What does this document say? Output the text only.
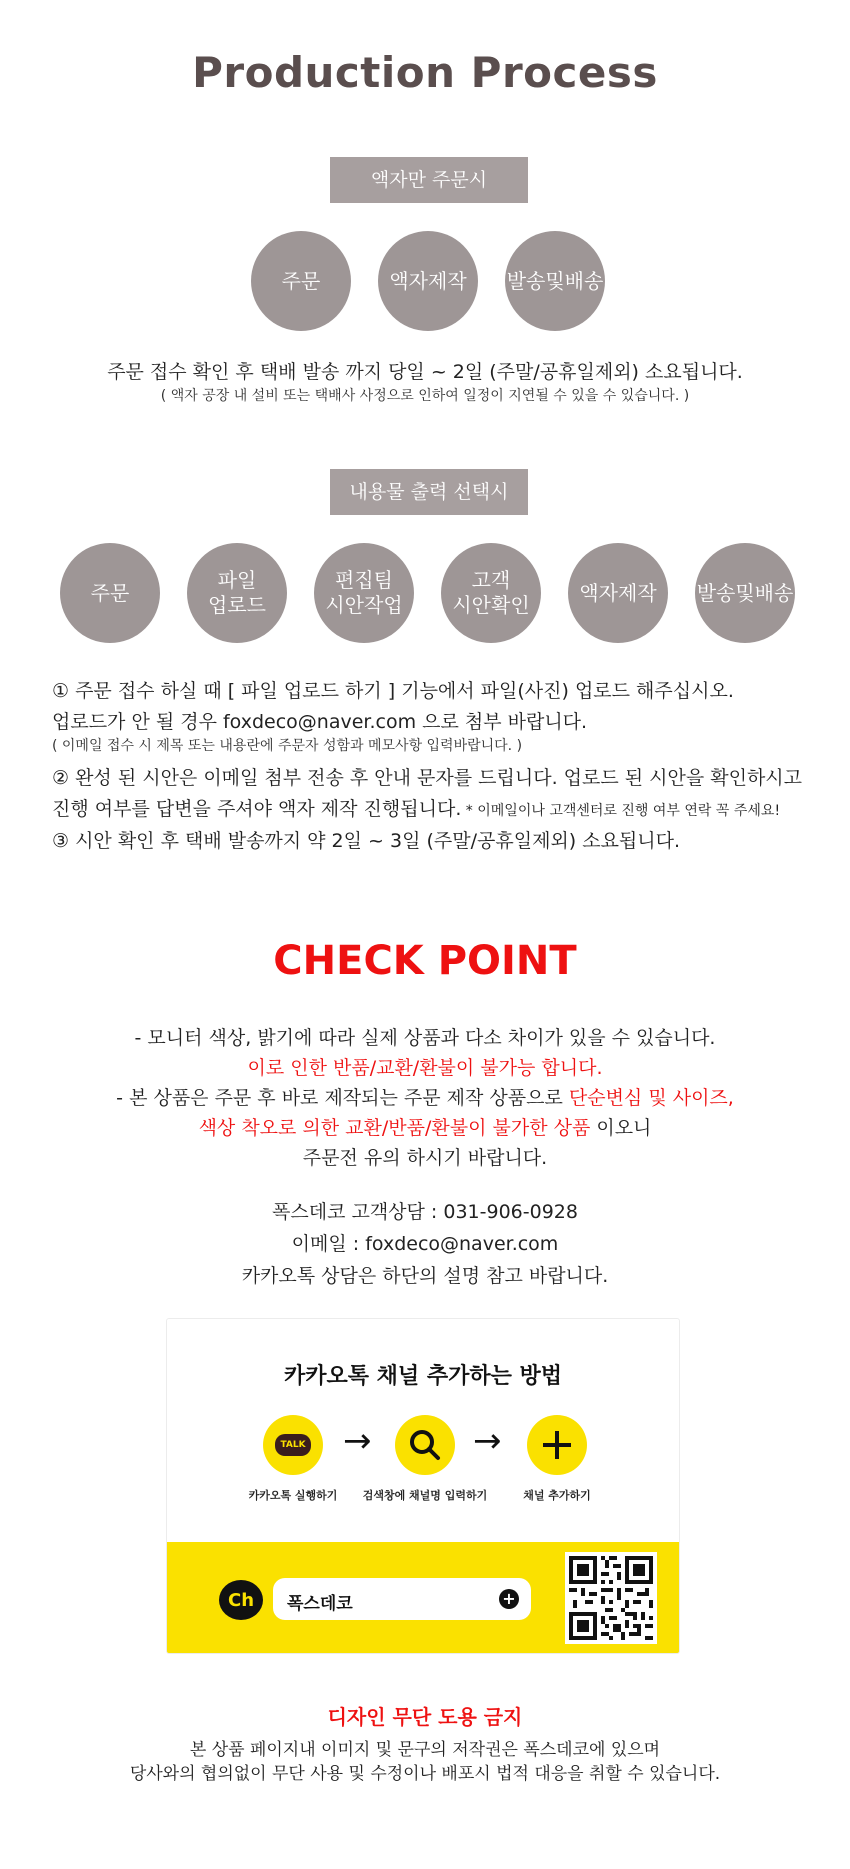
Production Process
액자만 주문시
주문	액자제작	발송및배송
주문 접수 확인 후 택배 발송 까지 당일 ~ 2일 (주말/공휴일제외) 소요됩니다.
( 액자 공장 내 설비 또는 택배사 사정으로 인하여 일정이 지연될 수 있을 수 있습니다. )
내용물 출력 선택시
주문
파일
업로드
편집팀
시안작업
고객
시안확인
액자제작	발송및배송
① 주문 접수 하실 때 [ 파일 업로드 하기 ] 기능에서 파일(사진) 업로드 해주십시오.
업로드가 안 될 경우 foxdeco@naver.com 으로 첨부 바랍니다.
( 이메일 접수 시 제목 또는 내용란에 주문자 성함과 메모사항 입력바랍니다. )
② 완성 된 시안은 이메일 첨부 전송 후 안내 문자를 드립니다. 업로드 된 시안을 확인하시고
진행 여부를 답변을 주셔야 액자 제작 진행됩니다. * 이메일이나 고객센터로 진행 여부 연락 꼭 주세요!
③ 시안 확인 후 택배 발송까지 약 2일 ~ 3일 (주말/공휴일제외) 소요됩니다.
CHECK POINT
- 모니터 색상, 밝기에 따라 실제 상품과 다소 차이가 있을 수 있습니다.
이로 인한 반품/교환/환불이 불가능 합니다.
- 본 상품은 주문 후 바로 제작되는 주문 제작 상품으로 단순변심 및 사이즈,
색상 착오로 의한 교환/반품/환불이 불가한 상품 이오니
주문전 유의 하시기 바랍니다.
폭스데코 고객상담 : 031-906-0928
이메일 : foxdeco@naver.com
카카오톡 상담은 하단의 설명 참고 바랍니다.
카카오톡 채널 추가하는 방법
TALK →	→
카카오톡 실행하기	검색창에 채널명 입력하기	채널 추가하기
Ch	폭스데코	+
디자인 무단 도용 금지
본 상품 페이지내 이미지 및 문구의 저작권은 폭스데코에 있으며
당사와의 협의없이 무단 사용 및 수정이나 배포시 법적 대응을 취할 수 있습니다.
